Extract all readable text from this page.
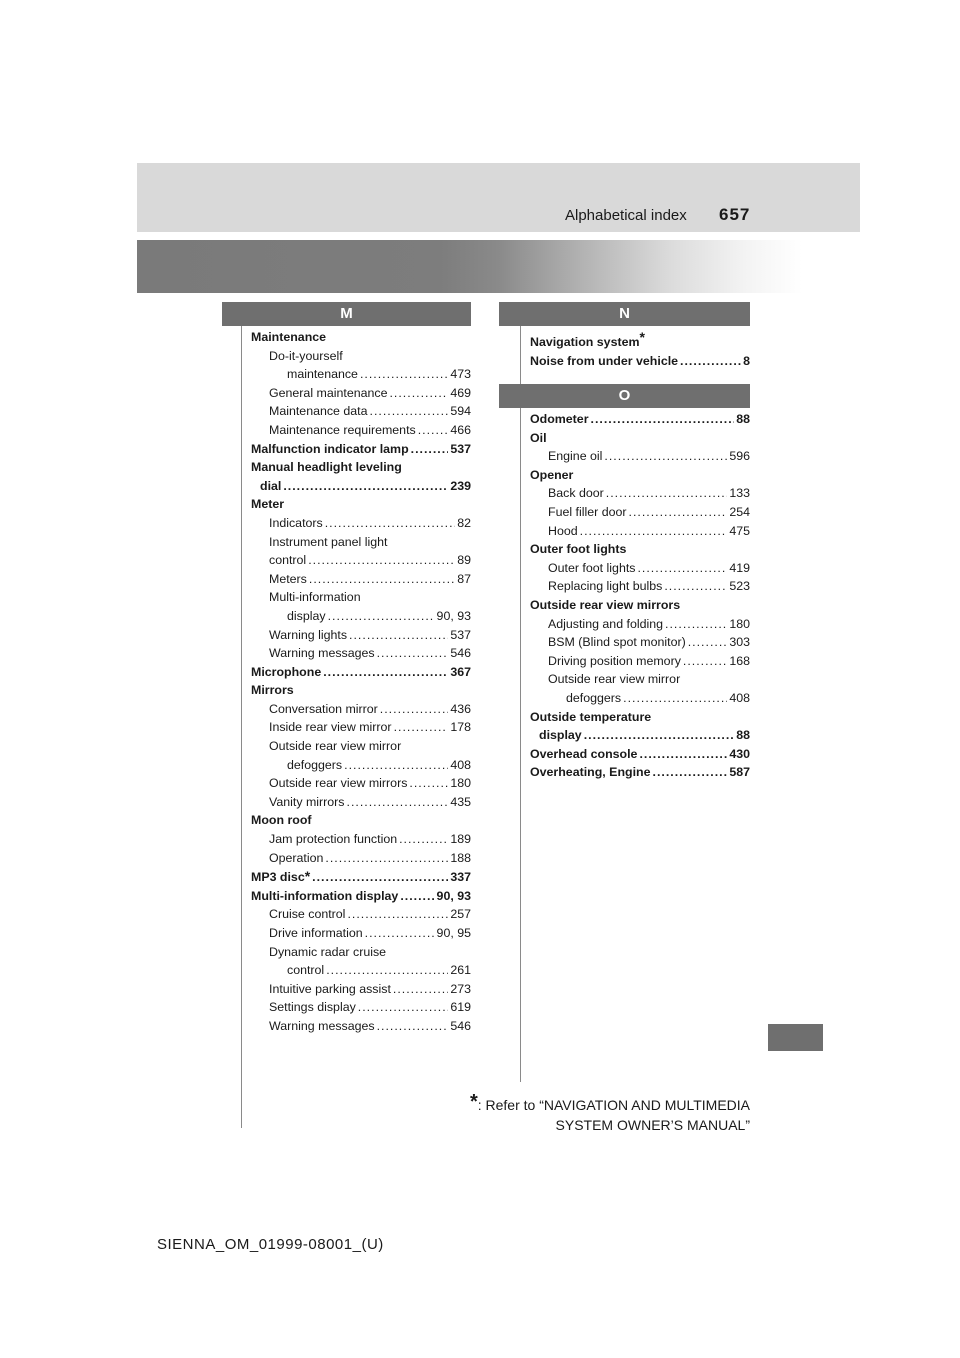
Alphabetical index 657
M	N
O
Maintenance
Do-it-yourself
maintenance .....	473
General maintenance .....	469
Maintenance data .....	594
Maintenance requirements .....	466
Malfunction indicator lamp .....	537
Manual headlight leveling
dial .....	239
Meter
Indicators .....	82
Instrument panel light
control .....	89
Meters .....	87
Multi-information
display .....	90, 93
Warning lights .....	537
Warning messages .....	546
Microphone .....	367
Mirrors
Conversation mirror .....	436
Inside rear view mirror .....	178
Outside rear view mirror
defoggers .....	408
Outside rear view mirrors .....	180
Vanity mirrors .....	435
Moon roof
Jam protection function .....	189
Operation .....	188
MP3 disc * .....	337
Multi-information display .....	90, 93
Cruise control .....	257
Drive information .....	90, 95
Dynamic radar cruise
control .....	261
Intuitive parking assist .....	273
Settings display .....	619
Warning messages .....	546
Navigation system*
Noise from under vehicle .....	8
Odometer .....	88
Oil
Engine oil .....	596
Opener
Back door .....	133
Fuel filler door .....	254
Hood .....	475
Outer foot lights
Outer foot lights .....	419
Replacing light bulbs .....	523
Outside rear view mirrors
Adjusting and folding .....	180
BSM (Blind spot monitor) .....	303
Driving position memory .....	168
Outside rear view mirror
defoggers .....	408
Outside temperature
display .....	88
Overhead console .....	430
Overheating, Engine .....	587
*: Refer to “NAVIGATION AND MULTIMEDIA
SYSTEM OWNER’S MANUAL”
SIENNA_OM_01999-08001_(U)
